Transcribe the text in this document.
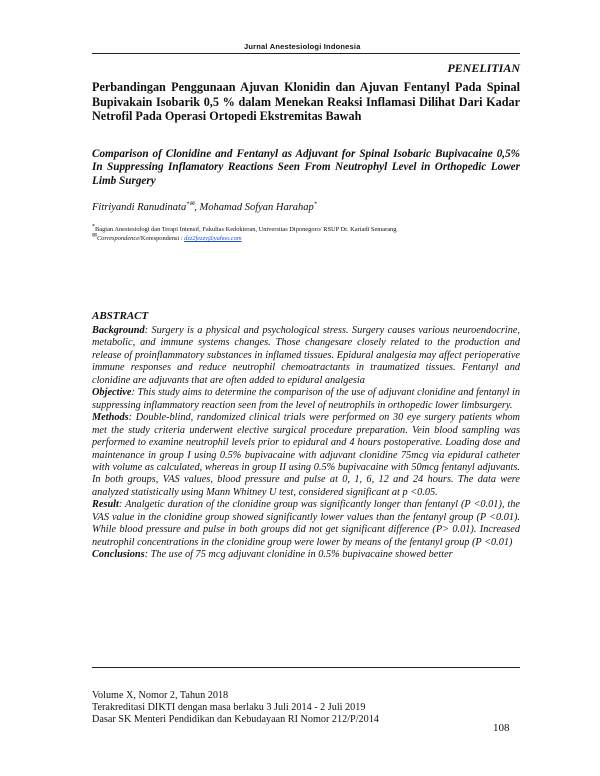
Jurnal Anestesiologi Indonesia
PENELITIAN
Perbandingan Penggunaan Ajuvan Klonidin dan Ajuvan Fentanyl Pada Spinal Bupivakain Isobarik 0,5 % dalam Menekan Reaksi Inflamasi Dilihat Dari Kadar Netrofil Pada Operasi Ortopedi Ekstremitas Bawah
Comparison of Clonidine and Fentanyl as Adjuvant for Spinal Isobaric Bupivacaine 0,5% In Suppressing Inflamatory Reactions Seen From Neutrophyl Level in Orthopedic Lower Limb Surgery
Fitriyandi Ranudinata*✉, Mohamad Sofyan Harahap*
*Bagian Anestesiologi dan Terapi Intensif, Fakultas Kedokteran, Universitas Diponegoro/ RSUP Dr. Kariadi Semarang
✉Correspondence/Korespondensi : dzz2fezzy@yahoo.com
ABSTRACT

Background: Surgery is a physical and psychological stress. Surgery causes various neuroendocrine, metabolic, and immune systems changes. Those changesare closely related to the production and release of proinflammatory substances in inflamed tissues. Epidural analgesia may affect perioperative immune responses and reduce neutrophil chemoatractants in traumatized tissues. Fentanyl and clonidine are adjuvants that are often added to epidural analgesia

Objective: This study aims to determine the comparison of the use of adjuvant clonidine and fentanyl in suppressing inflammatory reaction seen from the level of neutrophils in orthopedic lower limbsurgery.

Methods: Double-blind, randomized clinical trials were performed on 30 eye surgery patients whom met the study criteria underwent elective surgical procedure preparation. Vein blood sampling was performed to examine neutrophil levels prior to epidural and 4 hours postoperative. Loading dose and maintenance in group I using 0.5% bupivacaine with adjuvant clonidine 75mcg via epidural catheter with volume as calculated, whereas in group II using 0.5% bupivacaine with 50mcg fentanyl adjuvants. In both groups, VAS values, blood pressure and pulse at 0, 1, 6, 12 and 24 hours. The data were analyzed statistically using Mann Whitney U test, considered significant at p <0.05.

Result: Analgetic duration of the clonidine group was significantly longer than fentanyl (P <0.01), the VAS value in the clonidine group showed significantly lower values than the fentanyl group (P <0.01). While blood pressure and pulse in both groups did not get significant difference (P> 0.01). Increased neutrophil concentrations in the clonidine group were lower by means of the fentanyl group (P <0.01)

Conclusions: The use of 75 mcg adjuvant clonidine in 0.5% bupivacaine showed better

Volume X, Nomor 2, Tahun 2018
Terakreditasi DIKTI dengan masa berlaku 3 Juli 2014 - 2 Juli 2019
Dasar SK Menteri Pendidikan dan Kebudayaan RI Nomor 212/P/2014
108
